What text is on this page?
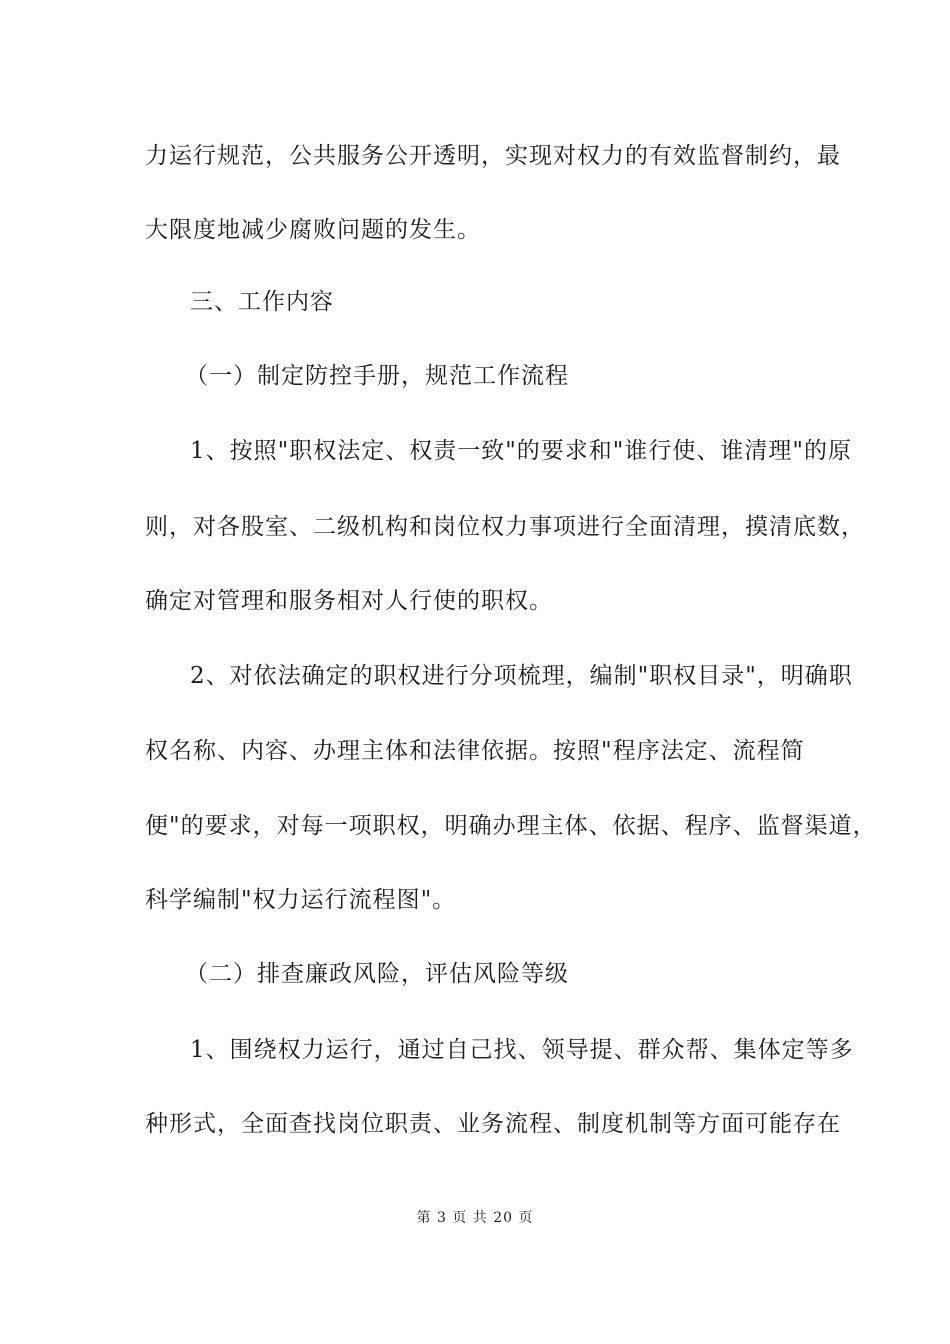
力运行规范，公共服务公开透明，实现对权力的有效监督制约，最
大限度地减少腐败问题的发生。
三、工作内容
（一）制定防控手册，规范工作流程
1、按照"职权法定、权责一致"的要求和"谁行使、谁清理"的原
则，对各股室、二级机构和岗位权力事项进行全面清理，摸清底数，
确定对管理和服务相对人行使的职权。
2、对依法确定的职权进行分项梳理，编制"职权目录"，明确职
权名称、内容、办理主体和法律依据。按照"程序法定、流程简
便"的要求，对每一项职权，明确办理主体、依据、程序、监督渠道，
科学编制"权力运行流程图"。
（二）排查廉政风险，评估风险等级
1、围绕权力运行，通过自己找、领导提、群众帮、集体定等多
种形式，全面查找岗位职责、业务流程、制度机制等方面可能存在
第 3 页 共 20 页
